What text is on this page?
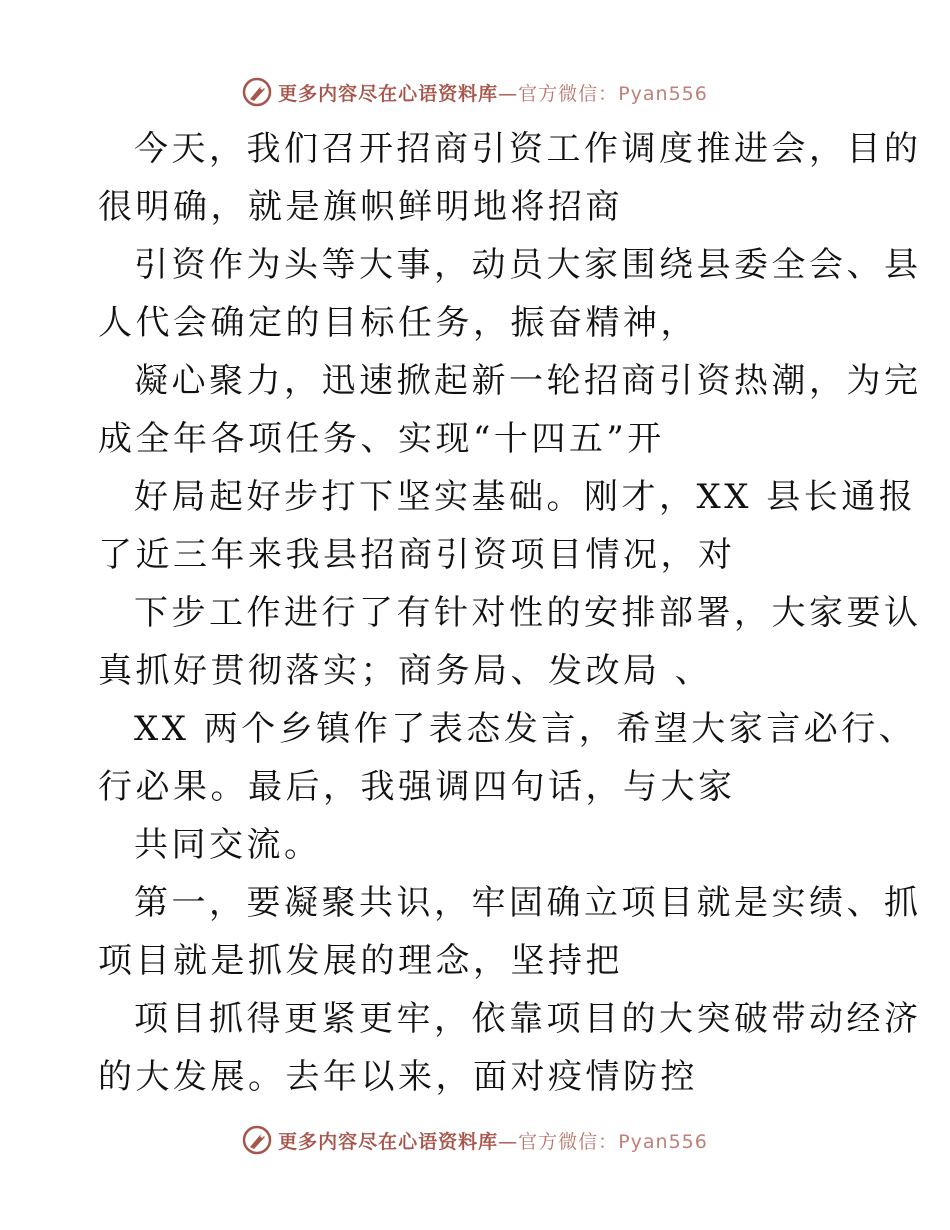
更多内容尽在心语资料库—官方微信：Pyan556
今天，我们召开招商引资工作调度推进会，目的
很明确，就是旗帜鲜明地将招商
引资作为头等大事，动员大家围绕县委全会、县
人代会确定的目标任务，振奋精神，
凝心聚力，迅速掀起新一轮招商引资热潮，为完
成全年各项任务、实现“十四五”开
好局起好步打下坚实基础。刚才，XX 县长通报
了近三年来我县招商引资项目情况，对
下步工作进行了有针对性的安排部署，大家要认
真抓好贯彻落实；商务局、发改局 、
XX 两个乡镇作了表态发言，希望大家言必行、
行必果。最后，我强调四句话，与大家
共同交流。
第一，要凝聚共识，牢固确立项目就是实绩、抓
项目就是抓发展的理念，坚持把
项目抓得更紧更牢，依靠项目的大突破带动经济
的大发展。去年以来，面对疫情防控
更多内容尽在心语资料库—官方微信：Pyan556
